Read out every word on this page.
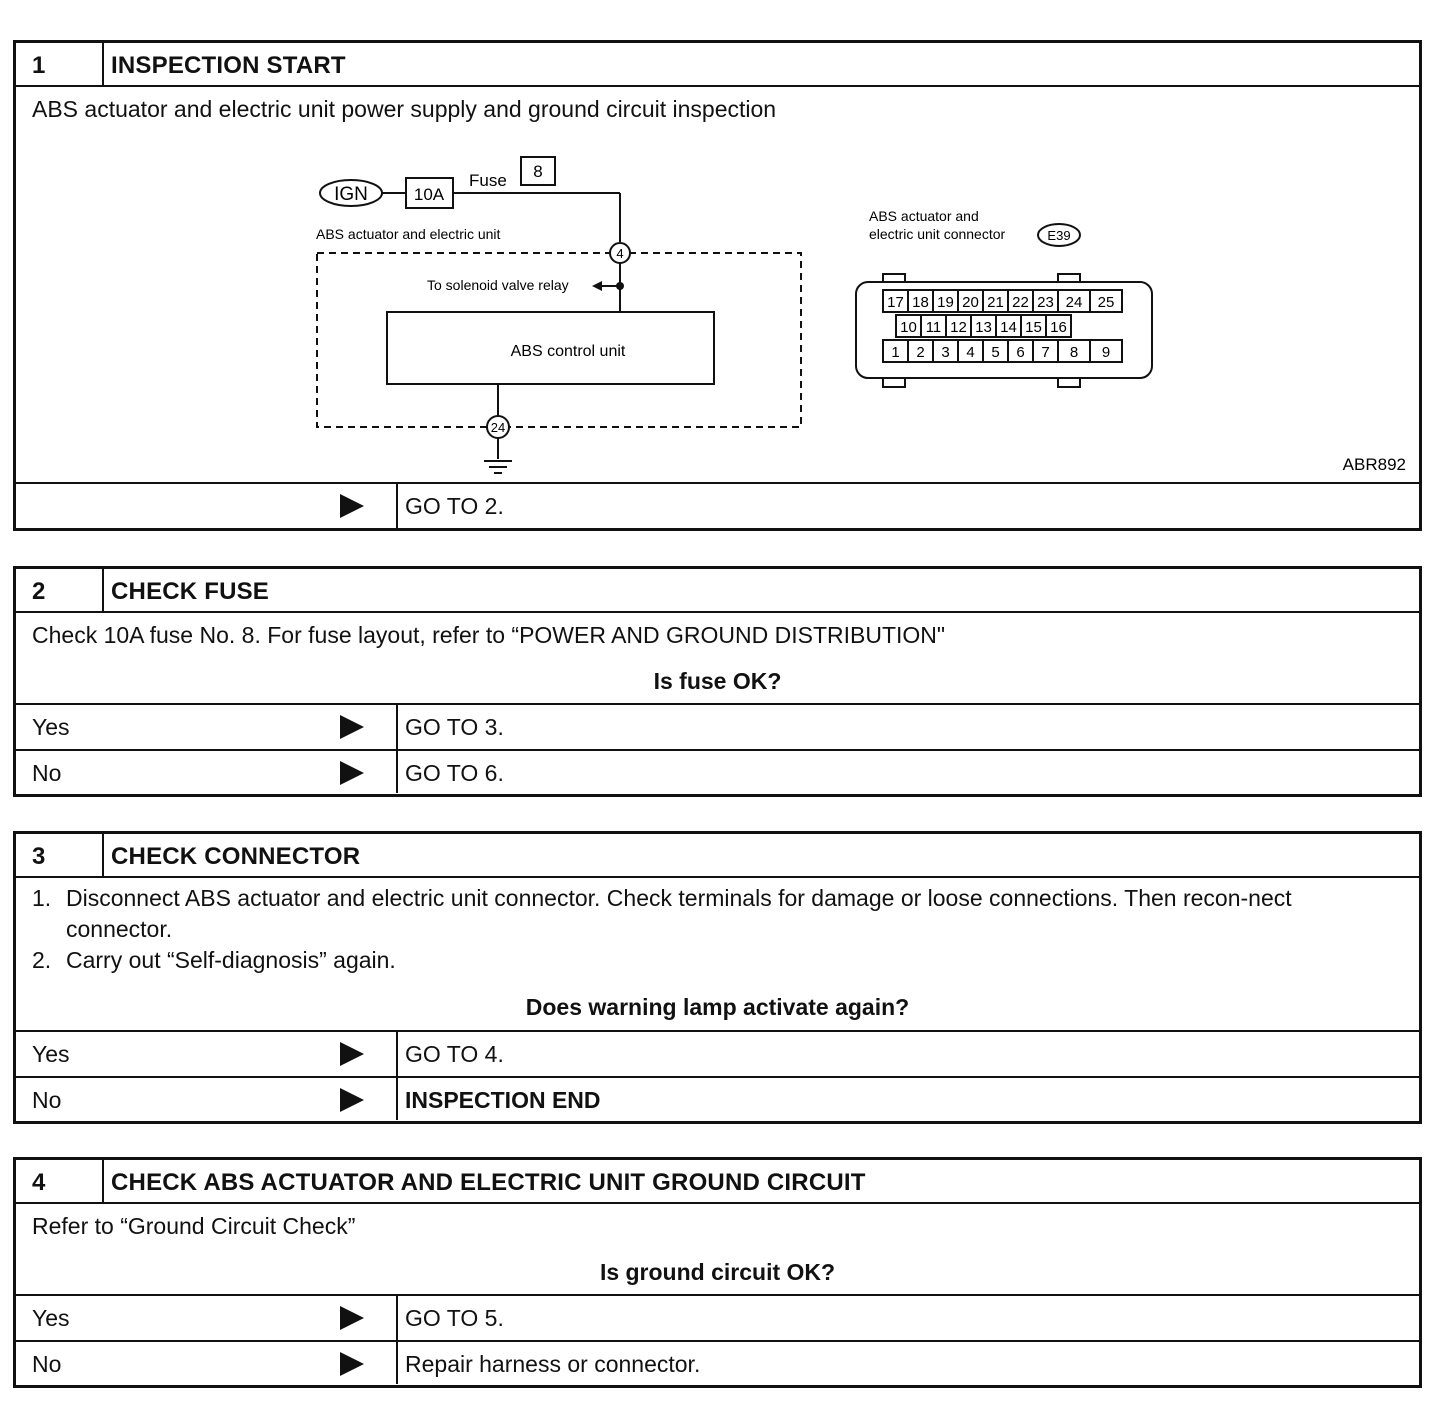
1	INSPECTION START
ABS actuator and electric unit power supply and ground circuit inspection
IGN	10A
Fuse 8
ABS actuator and electric unit
4
To solenoid valve relay
ABS control unit
24
ABS actuator and
electric unit connector	E39
17 18 19 20 21 22 23 24 25
10 11 12 13 14 15 16
1 2 3 4 5 6 7 8 9
ABR892
GO TO 2.
2	CHECK FUSE
Check 10A fuse No. 8. For fuse layout, refer to “POWER AND GROUND DISTRIBUTION"
Is fuse OK?
Yes	GO TO 3.
No	GO TO 6.
3	CHECK CONNECTOR
1. Disconnect ABS actuator and electric unit connector. Check terminals for damage or loose connections. Then recon-nect connector.
2. Carry out “Self-diagnosis” again.
Does warning lamp activate again?
Yes	GO TO 4.
No	INSPECTION END
4	CHECK ABS ACTUATOR AND ELECTRIC UNIT GROUND CIRCUIT
Refer to “Ground Circuit Check”
Is ground circuit OK?
Yes	GO TO 5.
No	Repair harness or connector.
